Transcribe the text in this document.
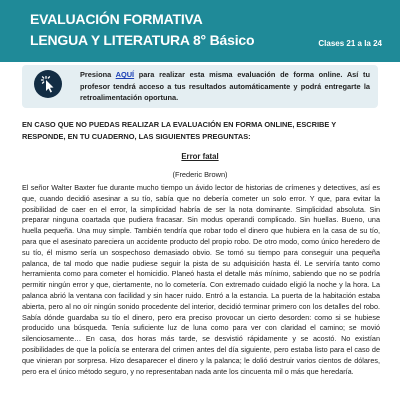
EVALUACIÓN FORMATIVA
LENGUA Y LITERATURA 8° Básico	Clases 21 a la 24
Presiona AQUÍ para realizar esta misma evaluación de forma online. Así tu profesor tendrá acceso a tus resultados automáticamente y podrá entregarte la retroalimentación oportuna.
EN CASO QUE NO PUEDAS REALIZAR LA EVALUACIÓN EN FORMA ONLINE, ESCRIBE Y RESPONDE, EN TU CUADERNO, LAS SIGUIENTES PREGUNTAS:
Error fatal
(Frederic Brown)

El señor Walter Baxter fue durante mucho tiempo un ávido lector de historias de crímenes y detectives, así es que, cuando decidió asesinar a su tío, sabía que no debería cometer un solo error. Y que, para evitar la posibilidad de caer en el error, la simplicidad habría de ser la nota dominante. Simplicidad absoluta. Sin preparar ninguna coartada que pudiera fracasar. Sin modus operandi complicado. Sin huellas. Bueno, una huella pequeña. Una muy simple. También tendría que robar todo el dinero que hubiera en la casa de su tío, para que el asesinato pareciera un accidente producto del propio robo. De otro modo, como único heredero de su tío, él mismo sería un sospechoso demasiado obvio. Se tomó su tiempo para conseguir una pequeña palanca, de tal modo que nadie pudiese seguir la pista de su adquisición hasta él. Le serviría tanto como herramienta como para cometer el homicidio. Planeó hasta el detalle más mínimo, sabiendo que no se podría permitir ningún error y que, ciertamente, no lo cometería. Con extremado cuidado eligió la noche y la hora. La palanca abrió la ventana con facilidad y sin hacer ruido. Entró a la estancia. La puerta de la habitación estaba abierta, pero al no oír ningún sonido procedente del interior, decidió terminar primero con los detalles del robo. Sabía dónde guardaba su tío el dinero, pero era preciso provocar un cierto desorden: como si se hubiese producido una búsqueda. Tenía suficiente luz de luna como para ver con claridad el camino; se movió silenciosamente… En casa, dos horas más tarde, se desvistió rápidamente y se acostó. No existían posibilidades de que la policía se enterara del crimen antes del día siguiente, pero estaba listo para el caso de que vinieran por sorpresa. Hizo desaparecer el dinero y la palanca; le dolió destruir varios cientos de dólares, pero era el único método seguro, y no representaban nada ante los cincuenta mil o más que heredaría.
